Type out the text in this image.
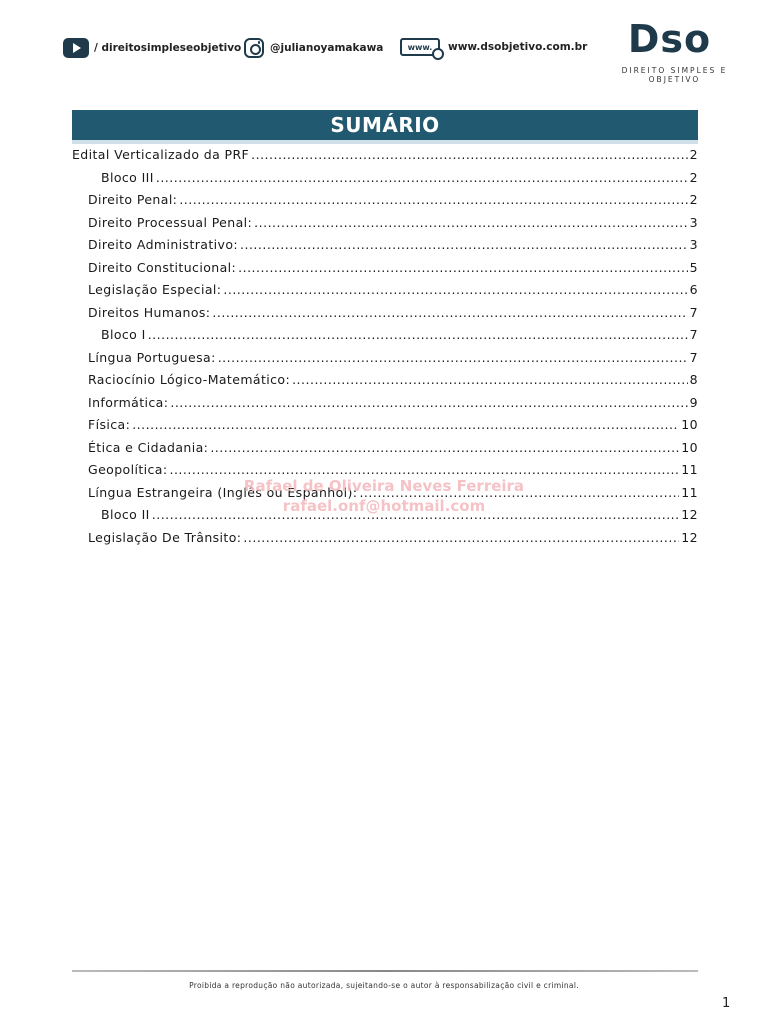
/ direitosimpleseobjetivo	@julianoyamakawa	www. www.dsobjetivo.com.br	Dso
DIREITO SIMPLES E OBJETIVO
SUMÁRIO
Edital Verticalizado da PRF .....	2
Bloco III .....	2
Direito Penal: .....	2
Direito Processual Penal: .....	3
Direito Administrativo: .....	3
Direito Constitucional: .....	5
Legislação Especial: .....	6
Direitos Humanos: .....	7
Bloco I .....	7
Língua Portuguesa: .....	7
Raciocínio Lógico-Matemático: .....	8
Informática: .....	9
Física: .....	10
Ética e Cidadania: .....	10
Geopolítica: .....	11
Língua Estrangeira (Inglês ou Espanhol): .....	11
Bloco II .....	12
Legislação De Trânsito: .....	12
Rafael de Oliveira Neves Ferreira
rafael.onf@hotmail.com
Proibida a reprodução não autorizada, sujeitando-se o autor à responsabilização civil e criminal.
1
